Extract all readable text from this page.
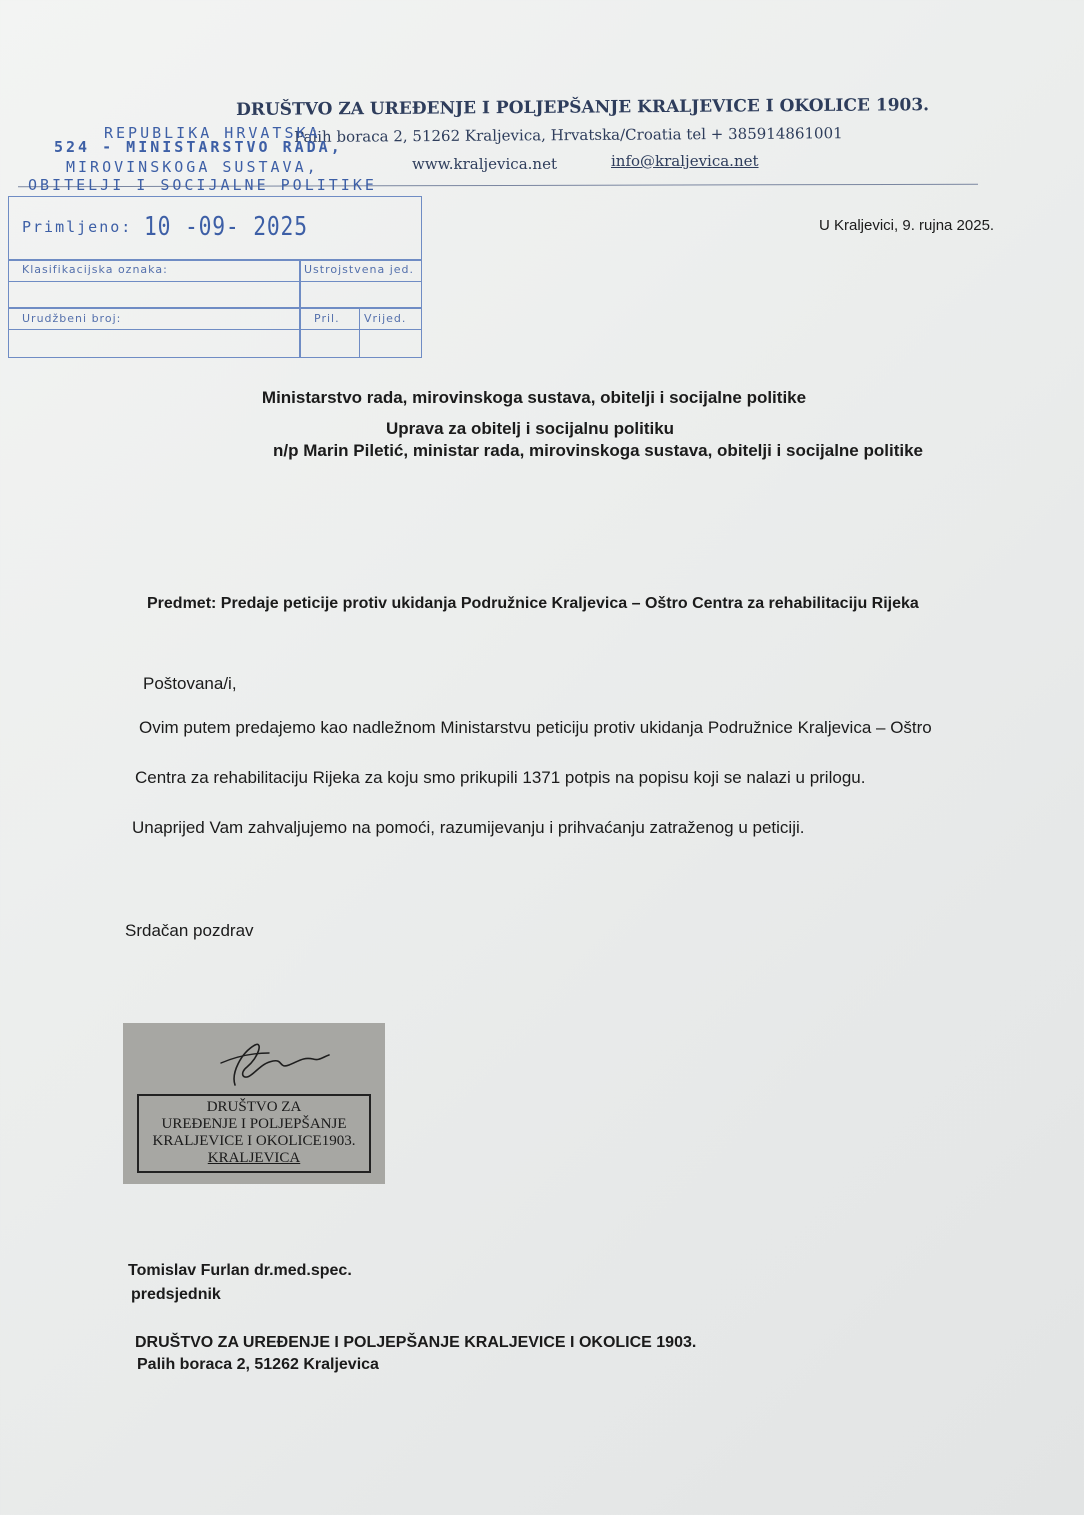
DRUŠTVO ZA UREĐENJE I POLJEPŠANJE KRALJEVICE I OKOLICE 1903.
Palih boraca 2, 51262 Kraljevica, Hrvatska/Croatia tel + 385914861001
www.kraljevica.net	info@kraljevica.net
REPUBLIKA HRVATSKA
524 - MINISTARSTVO RADA,
MIROVINSKOGA SUSTAVA,
OBITELJI I SOCIJALNE POLITIKE
Primljeno: 10 -09- 2025
Klasifikacijska oznaka:	Ustrojstvena jed.
Urudžbeni broj:	Pril. Vrijed.
U Kraljevici, 9. rujna 2025.
Ministarstvo rada, mirovinskoga sustava, obitelji i socijalne politike
Uprava za obitelj i socijalnu politiku
n/p Marin Piletić, ministar rada, mirovinskoga sustava, obitelji i socijalne politike
Predmet: Predaje peticije protiv ukidanja Podružnice Kraljevica – Oštro Centra za rehabilitaciju Rijeka
Poštovana/i,
Ovim putem predajemo kao nadležnom Ministarstvu peticiju protiv ukidanja Podružnice Kraljevica – Oštro
Centra za rehabilitaciju Rijeka za koju smo prikupili 1371 potpis na popisu koji se nalazi u prilogu.
Unaprijed Vam zahvaljujemo na pomoći, razumijevanju i prihvaćanju zatraženog u peticiji.
Srdačan pozdrav
DRUŠTVO ZA
UREĐENJE I POLJEPŠANJE
KRALJEVICE I OKOLICE1903.
KRALJEVICA
Tomislav Furlan dr.med.spec.
predsjednik
DRUŠTVO ZA UREĐENJE I POLJEPŠANJE KRALJEVICE I OKOLICE 1903.
Palih boraca 2, 51262 Kraljevica
